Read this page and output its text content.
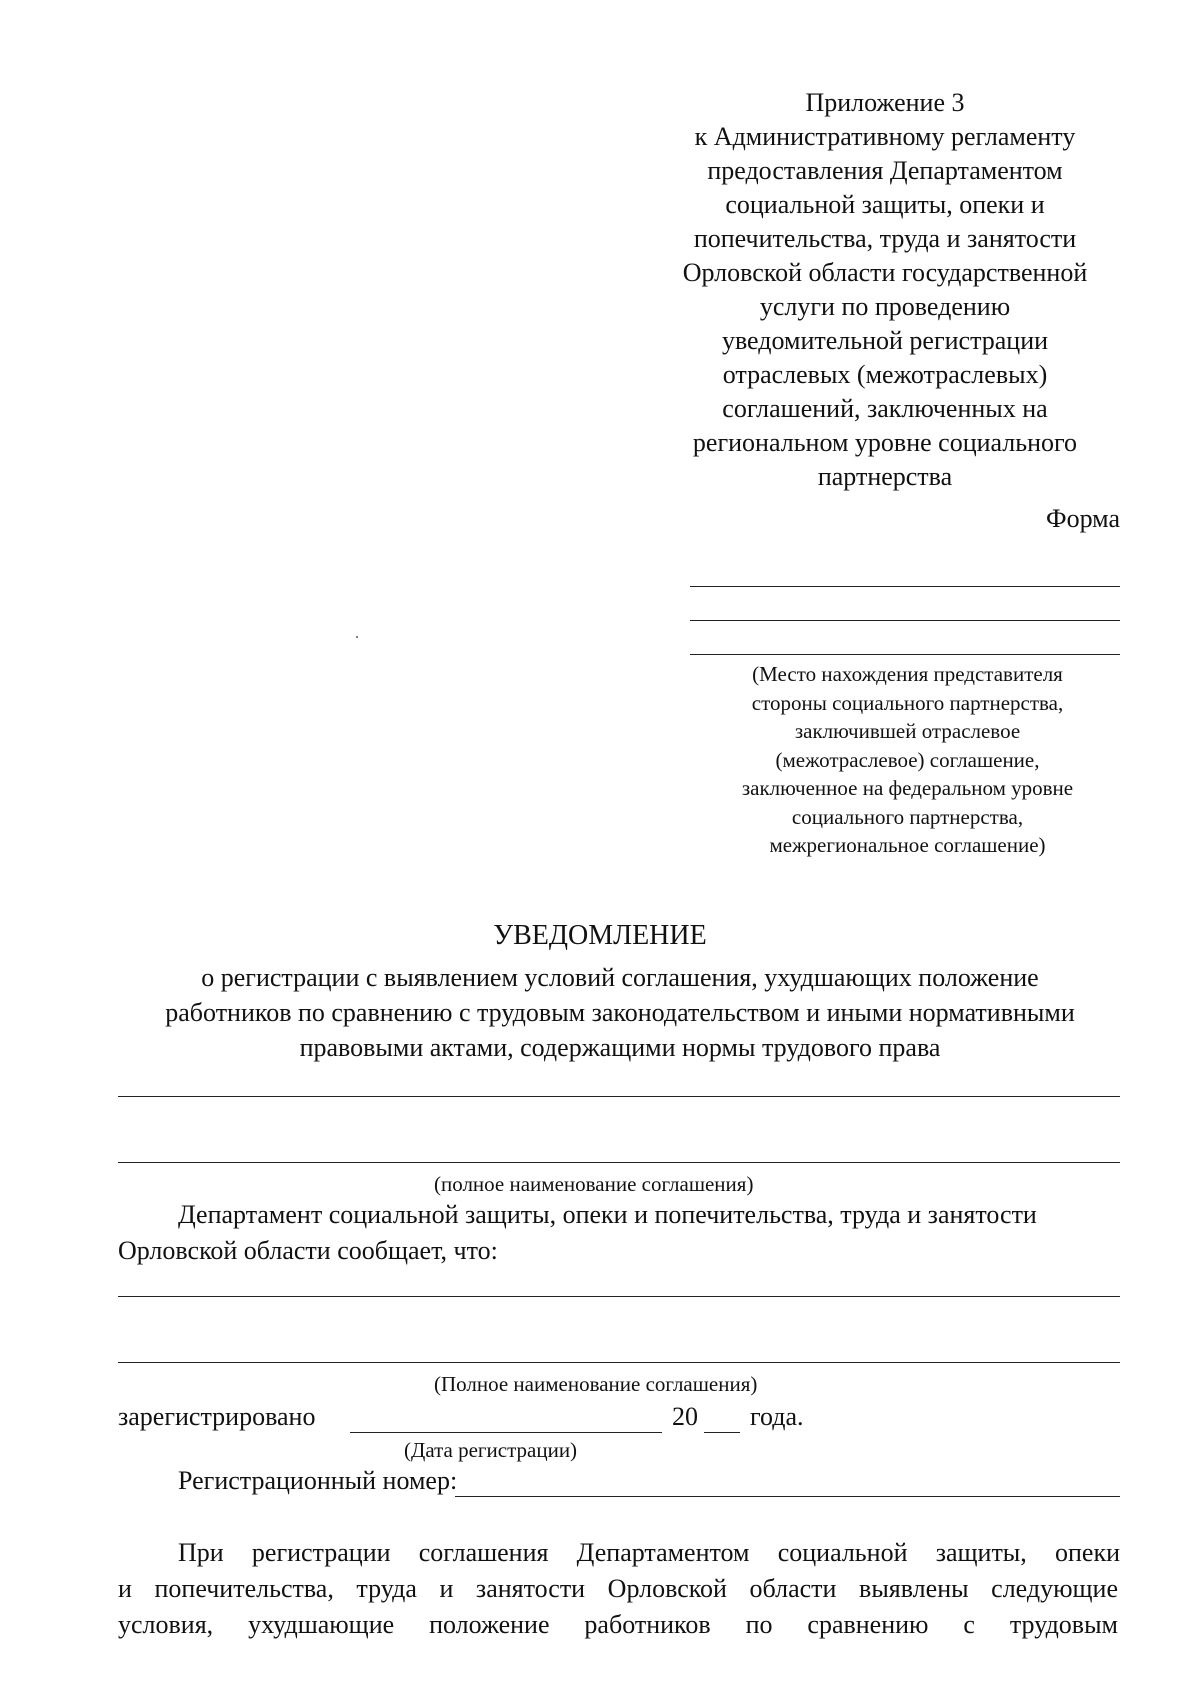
Приложение 3
к Административному регламенту
предоставления Департаментом
социальной защиты, опеки и
попечительства, труда и занятости
Орловской области государственной
услуги по проведению
уведомительной регистрации
отраслевых (межотраслевых)
соглашений, заключенных на
региональном уровне социального
партнерства
Форма
(Место нахождения представителя
стороны социального партнерства,
заключившей отраслевое
(межотраслевое) соглашение,
заключенное на федеральном уровне
социального партнерства,
межрегиональное соглашение)
УВЕДОМЛЕНИЕ
о регистрации с выявлением условий соглашения, ухудшающих положение
работников по сравнению с трудовым законодательством и иными нормативными
правовыми актами, содержащими нормы трудового права
(полное наименование соглашения)
Департамент социальной защиты, опеки и попечительства, труда и занятости
Орловской области сообщает, что:
(Полное наименование соглашения)
зарегистрировано	20 года.
(Дата регистрации)
Регистрационный номер:
При регистрации соглашения Департаментом социальной защиты, опеки
и попечительства, труда и занятости Орловской области выявлены следующие
условия, ухудшающие положение работников по сравнению с трудовым
